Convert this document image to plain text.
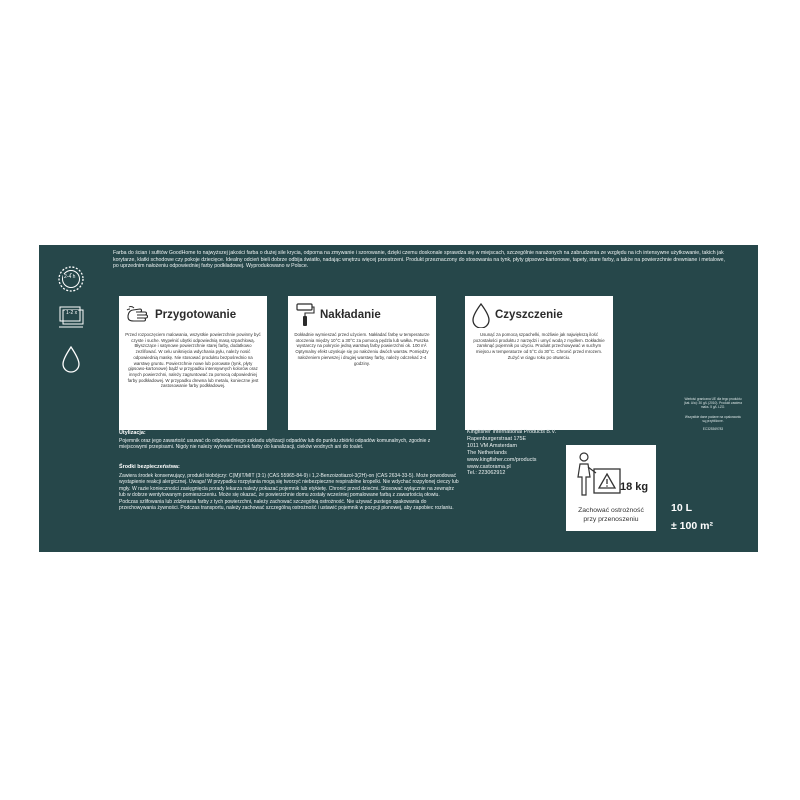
2-4 h
1-2 x
Farba do ścian i sufitów GoodHome to najwyższej jakości farba o dużej sile krycia, odporna na zmywanie i szorowanie, dzięki czemu doskonale sprawdza się w miejscach, szczególnie narażonych na zabrudzenia ze względu na ich intensywne użytkowanie, takich jak korytarze, klatki schodowe czy pokoje dziecięce. Idealny odcień bieli dobrze odbija światło, nadając wnętrzu więcej przestrzeni. Produkt przeznaczony do stosowania na tynk, płyty gipsowo-kartonowe, tapety, stare farby, a także na powierzchnie drewniane i metalowe, po uprzednim nałożeniu odpowiedniej farby podkładowej. Wyprodukowano w Polsce.
Przygotowanie
Przed rozpoczęciem malowania, wszystkie powierzchnie powinny być czyste i suche. Wypełnić ubytki odpowiednią masą szpachlową. Błyszczące i satynowe powierzchnie starej farby, dodatkowo zezlifować. W celu uniknięcia wdychania pyłu, należy nosić odpowiednią maskę. Nie stosować produktu bezpośrednio na warstwę gruntu. Powierzchnie nowe lub porowate (tynk, płyty gipsowo-kartonowe) bądź w przypadku intensywnych kolorów oraz innych powierzchni, należy zagruntować za pomocą odpowiedniej farby podkładowej. W przypadku drewna lub metalu, konieczne jest zastosowanie farby podkładowej.
Nakładanie
Dokładnie wymieszać przed użyciem. Nakładać farbę w temperaturze otoczenia między 10°C a 30°C za pomocą pędzla lub wałka. Puszka wystarczy na pokrycie jedną warstwą farby powierzchni ok. 100 m². Optymalny efekt uzyskuje się po nałożeniu dwóch warstw. Pomiędzy nałożeniem pierwszej i drugiej warstwy farby, należy odczekać 2-4 godziny.
Czyszczenie
Usunąć za pomocą szpachelki, możliwie jak największą ilość pozostałości produktu z narzędzi i umyć wodą z mydłem. Dokładnie zamknąć pojemnik po użyciu. Produkt przechowywać w suchym miejscu w temperaturze od 5°C do 30°C. Chronić przed mrozem. Zużyć w ciągu roku po otwarciu.
Wartość graniczna UE dla tego produktu (kat. A/a): 30 g/L (2010). Produkt zawiera maks. 5 g/L LZO.
Wszystkie dane podane na opakowaniu są przybliżone.
EC325369783
Utylizacja:
Pojemnik oraz jego zawartość usuwać do odpowiedniego zakładu utylizacji odpadów lub do punktu zbiórki odpadów komunalnych, zgodnie z miejscowymi przepisami. Nigdy nie należy wylewać resztek farby do kanalizacji, cieków wodnych ani do toalet.
Środki bezpieczeństwa:
Zawiera środek konserwujący, produkt biobójczy: C(M)IT/MIT (3:1) (CAS 55965-84-9) i 1,2-Benzoizotiazol-3(2H)-on (CAS 2634-33-5). Może powodować wystąpienie reakcji alergicznej. Uwaga! W przypadku rozpylania mogą się tworzyć niebezpieczne respirabilne kropelki. Nie wdychać rozpylonej cieczy lub mgły. W razie konieczności zasięgnięcia porady lekarza należy pokazać pojemnik lub etykietę. Chronić przed dziećmi. Stosować wyłącznie na zewnątrz lub w dobrze wentylowanym pomieszczeniu. Może się okazać, że powierzchnie domu zostały wcześniej pomalowane farbą z zawartością ołowiu. Podczas szlifowania lub zdzierania farby z tych powierzchni, należy zachować szczególną ostrożność. Nie używać pustego opakowania do przechowywania żywności. Podczas transportu, należy zachować szczególną ostrożność i ustawić pojemnik w pozycji pionowej, aby zapobiec rozlaniu.
Kingfisher International Products B.V.
Rapenburgerstraat 175E
1011 VM Amsterdam
The Netherlands
www.kingfisher.com/products
www.castorama.pl
Tel.: 223062912
18 kg
Zachować ostrożność
przy przenoszeniu
10 L
± 100 m²
